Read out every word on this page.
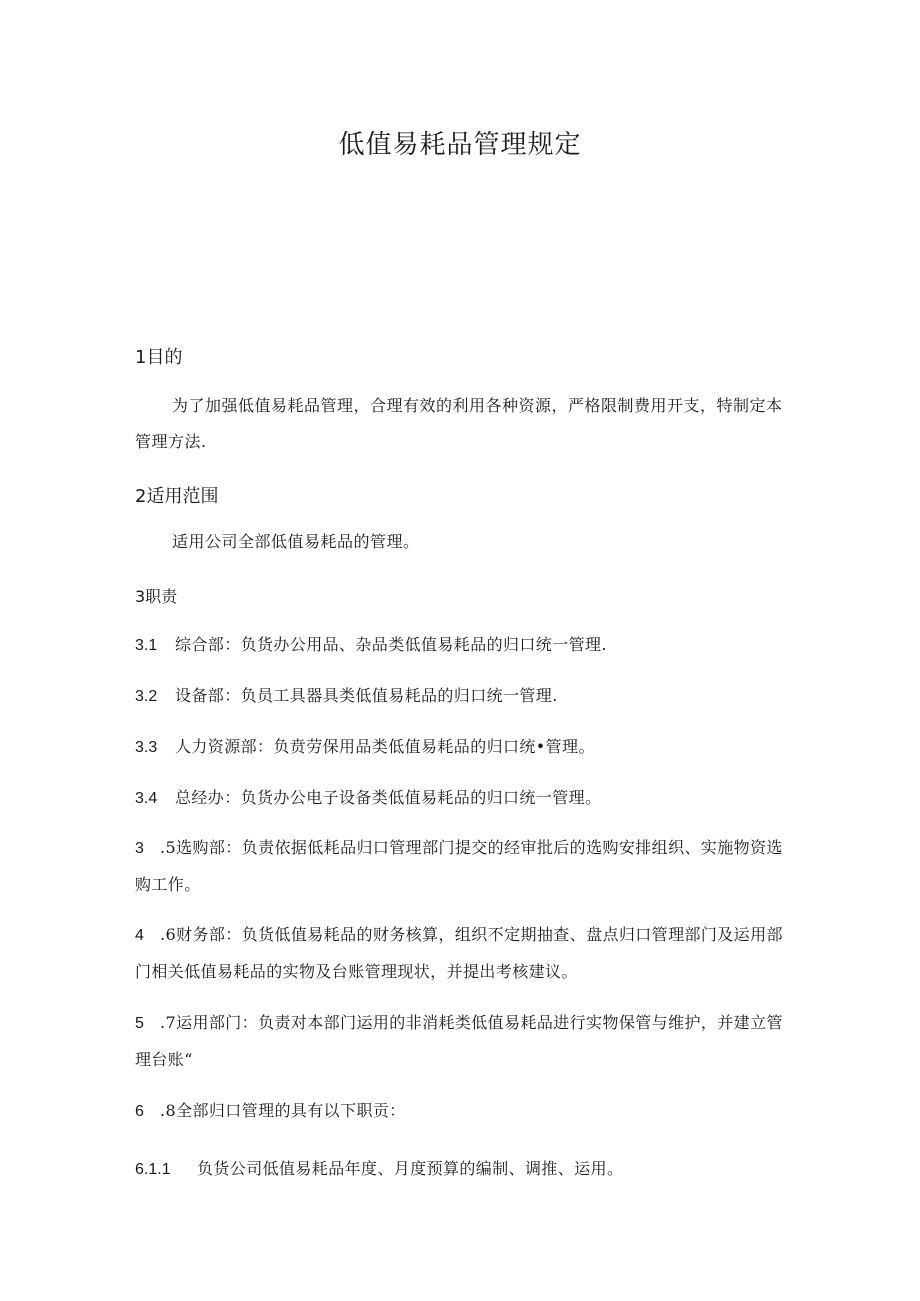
低值易耗品管理规定
1目的
为了加强低值易耗品管理，合理有效的利用各种资源，严格限制费用开支，特制定本管理方法.
2适用范围
适用公司全部低值易耗品的管理。
3职责
3.1 综合部：负货办公用品、杂品类低值易耗品的归口统一管理.
3.2 设备部：负员工具器具类低值易耗品的归口统一管理.
3.3 人力资源部：负贲劳保用品类低值易耗品的归口统•管理。
3.4 总经办：负货办公电子设备类低值易耗品的归口统一管理。
3 .5选购部：负责依据低耗品归口管理部门提交的经审批后的选购安排组织、实施物资选购工作。
4 .6财务部：负货低值易耗品的财务核算，组织不定期抽查、盘点归口管理部门及运用部门相关低值易耗品的实物及台账管理现状，并提出考核建议。
5 .7运用部门：负责对本部门运用的非消耗类低值易耗品进行实物保管与维护，并建立管理台账“
6 .8全部归口管理的具有以下职贡：
6.1.1 负货公司低值易耗品年度、月度预算的编制、调推、运用。
